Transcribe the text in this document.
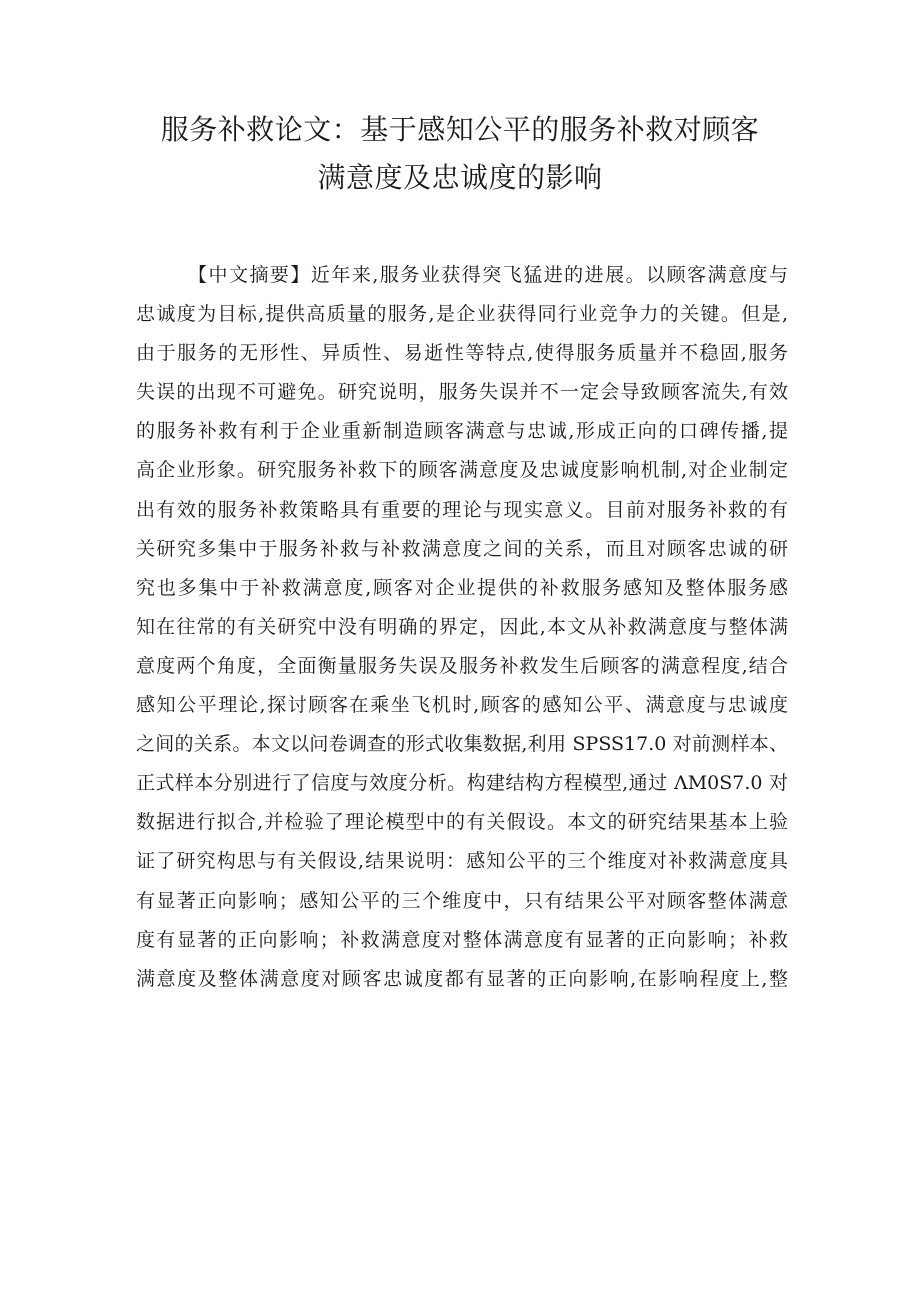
服务补救论文：基于感知公平的服务补救对顾客
满意度及忠诚度的影响
【中文摘要】近年来,服务业获得突飞猛进的进展。以顾客满意度与
忠诚度为目标,提供高质量的服务,是企业获得同行业竞争力的关键。但是,
由于服务的无形性、异质性、易逝性等特点,使得服务质量并不稳固,服务
失误的出现不可避免。研究说明，服务失误并不一定会导致顾客流失,有效
的服务补救有利于企业重新制造顾客满意与忠诚,形成正向的口碑传播,提
高企业形象。研究服务补救下的顾客满意度及忠诚度影响机制,对企业制定
出有效的服务补救策略具有重要的理论与现实意义。目前对服务补救的有
关研究多集中于服务补救与补救满意度之间的关系，而且对顾客忠诚的研
究也多集中于补救满意度,顾客对企业提供的补救服务感知及整体服务感
知在往常的有关研究中没有明确的界定，因此,本文从补救满意度与整体满
意度两个角度，全面衡量服务失误及服务补救发生后顾客的满意程度,结合
感知公平理论,探讨顾客在乘坐飞机时,顾客的感知公平、满意度与忠诚度
之间的关系。本文以问卷调查的形式收集数据,利用 SPSS17.0 对前测样本、
正式样本分别进行了信度与效度分析。构建结构方程模型,通过 ΛM0S7.0 对
数据进行拟合,并检验了理论模型中的有关假设。本文的研究结果基本上验
证了研究构思与有关假设,结果说明：感知公平的三个维度对补救满意度具
有显著正向影响；感知公平的三个维度中，只有结果公平对顾客整体满意
度有显著的正向影响；补救满意度对整体满意度有显著的正向影响；补救
满意度及整体满意度对顾客忠诚度都有显著的正向影响,在影响程度上,整
